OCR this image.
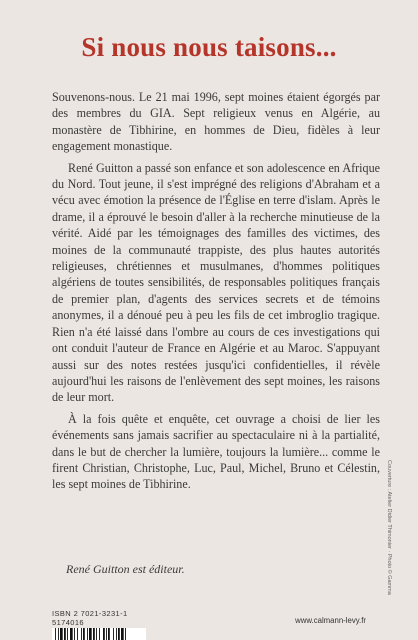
Si nous nous taisons...

Souvenons-nous. Le 21 mai 1996, sept moines étaient égorgés par des membres du GIA. Sept religieux venus en Algérie, au monastère de Tibhirine, en hommes de Dieu, fidèles à leur engagement monastique.

René Guitton a passé son enfance et son adolescence en Afrique du Nord. Tout jeune, il s'est imprégné des religions d'Abraham et a vécu avec émotion la présence de l'Église en terre d'islam. Après le drame, il a éprouvé le besoin d'aller à la recherche minutieuse de la vérité. Aidé par les témoignages des familles des victimes, des moines de la communauté trappiste, des plus hautes autorités religieuses, chrétiennes et musulmanes, d'hommes politiques algériens de toutes sensibilités, de responsables politiques français de premier plan, d'agents des services secrets et de témoins anonymes, il a dénoué peu à peu les fils de cet imbroglio tragique. Rien n'a été laissé dans l'ombre au cours de ces investigations qui ont conduit l'auteur de France en Algérie et au Maroc. S'appuyant aussi sur des notes restées jusqu'ici confidentielles, il révèle aujourd'hui les raisons de l'enlèvement des sept moines, les raisons de leur mort.

À la fois quête et enquête, cet ouvrage a choisi de lier les événements sans jamais sacrifier au spectaculaire ni à la partialité, dans le but de chercher la lumière, toujours la lumière... comme le firent Christian, Christophe, Luc, Paul, Michel, Bruno et Célestin, les sept moines de Tibhirine.

René Guitton est éditeur.
ISBN 2 7021-3231-1
5174016	www.calmann-levy.fr
Couverture : Atelier Didier Thimonier · Photo © Gamma
